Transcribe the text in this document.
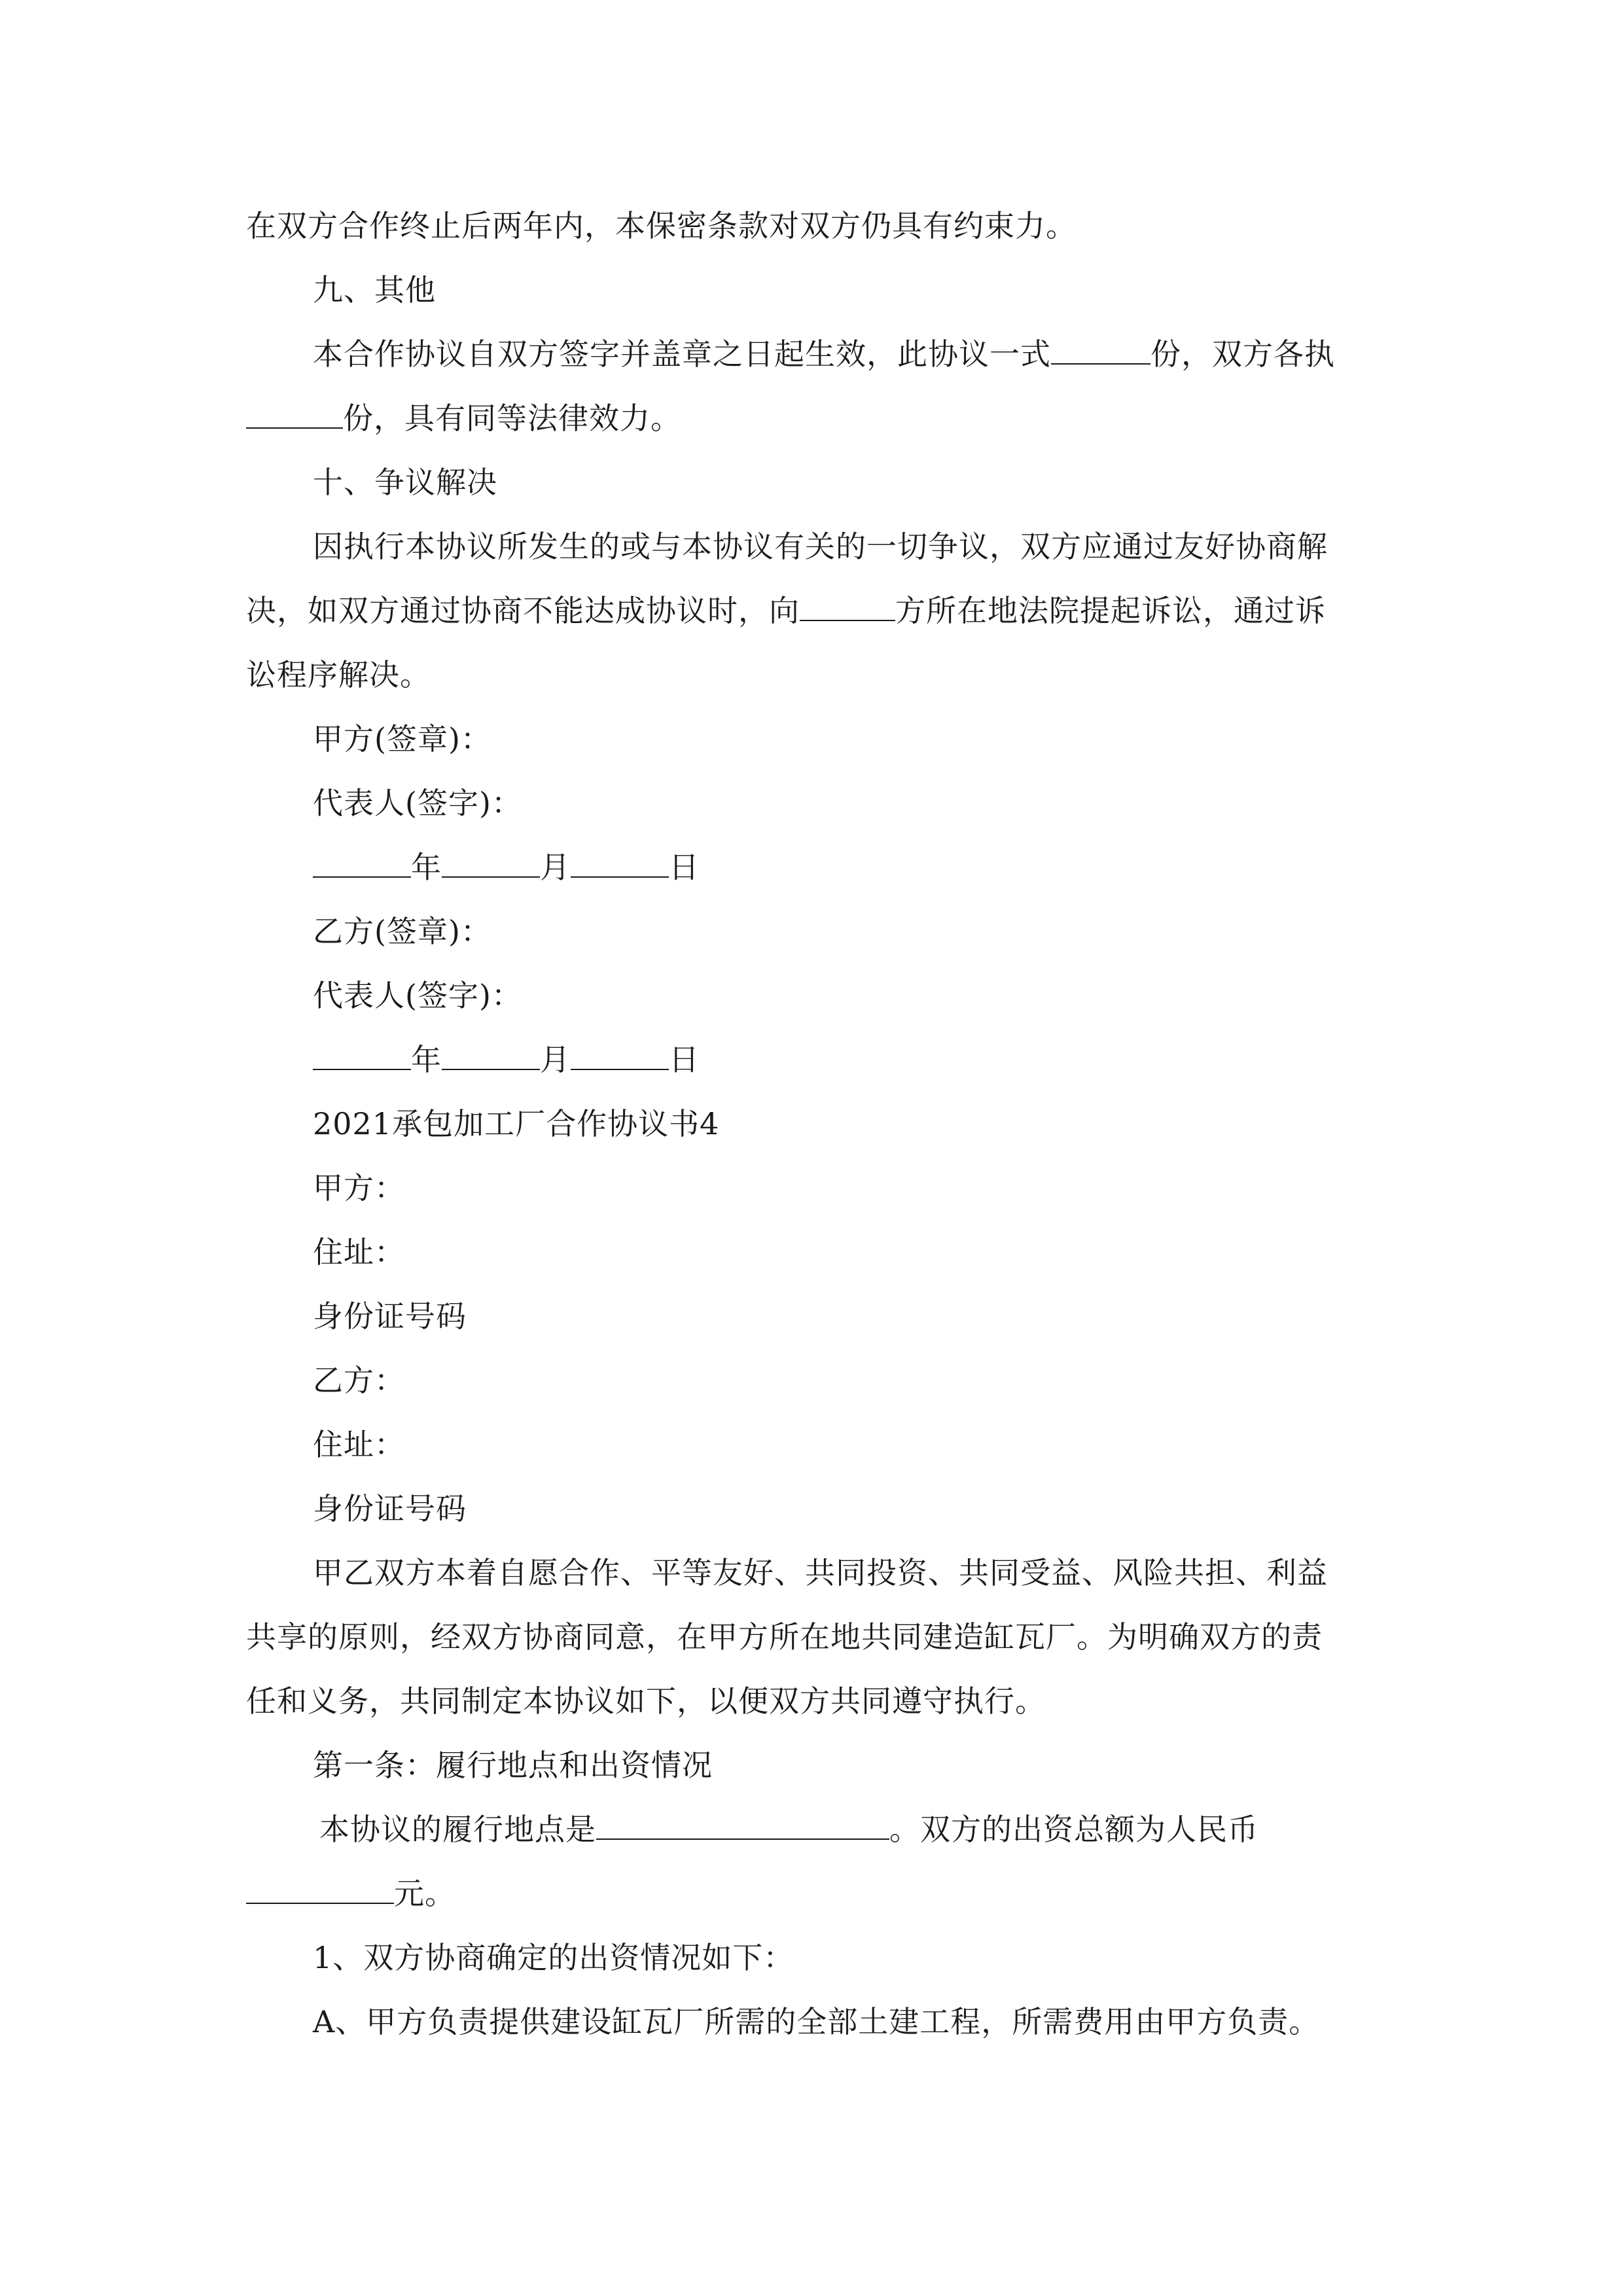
在双方合作终止后两年内，本保密条款对双方仍具有约束力。
九、其他
本合作协议自双方签字并盖章之日起生效，此协议一式	份，双方各执
份，具有同等法律效力。
十、争议解决
因执行本协议所发生的或与本协议有关的一切争议，双方应通过友好协商解
决，如双方通过协商不能达成协议时，向	方所在地法院提起诉讼，通过诉
讼程序解决。
甲方(签章)：
代表人(签字)：
年	月	日
乙方(签章)：
代表人(签字)：
年	月	日
2021承包加工厂合作协议书4
甲方：
住址：
身份证号码
乙方：
住址：
身份证号码
甲乙双方本着自愿合作、平等友好、共同投资、共同受益、风险共担、利益
共享的原则，经双方协商同意，在甲方所在地共同建造缸瓦厂。为明确双方的责
任和义务，共同制定本协议如下，以便双方共同遵守执行。
第一条：履行地点和出资情况
本协议的履行地点是	。双方的出资总额为人民币
元。
1、双方协商确定的出资情况如下：
A、甲方负责提供建设缸瓦厂所需的全部土建工程，所需费用由甲方负责。
